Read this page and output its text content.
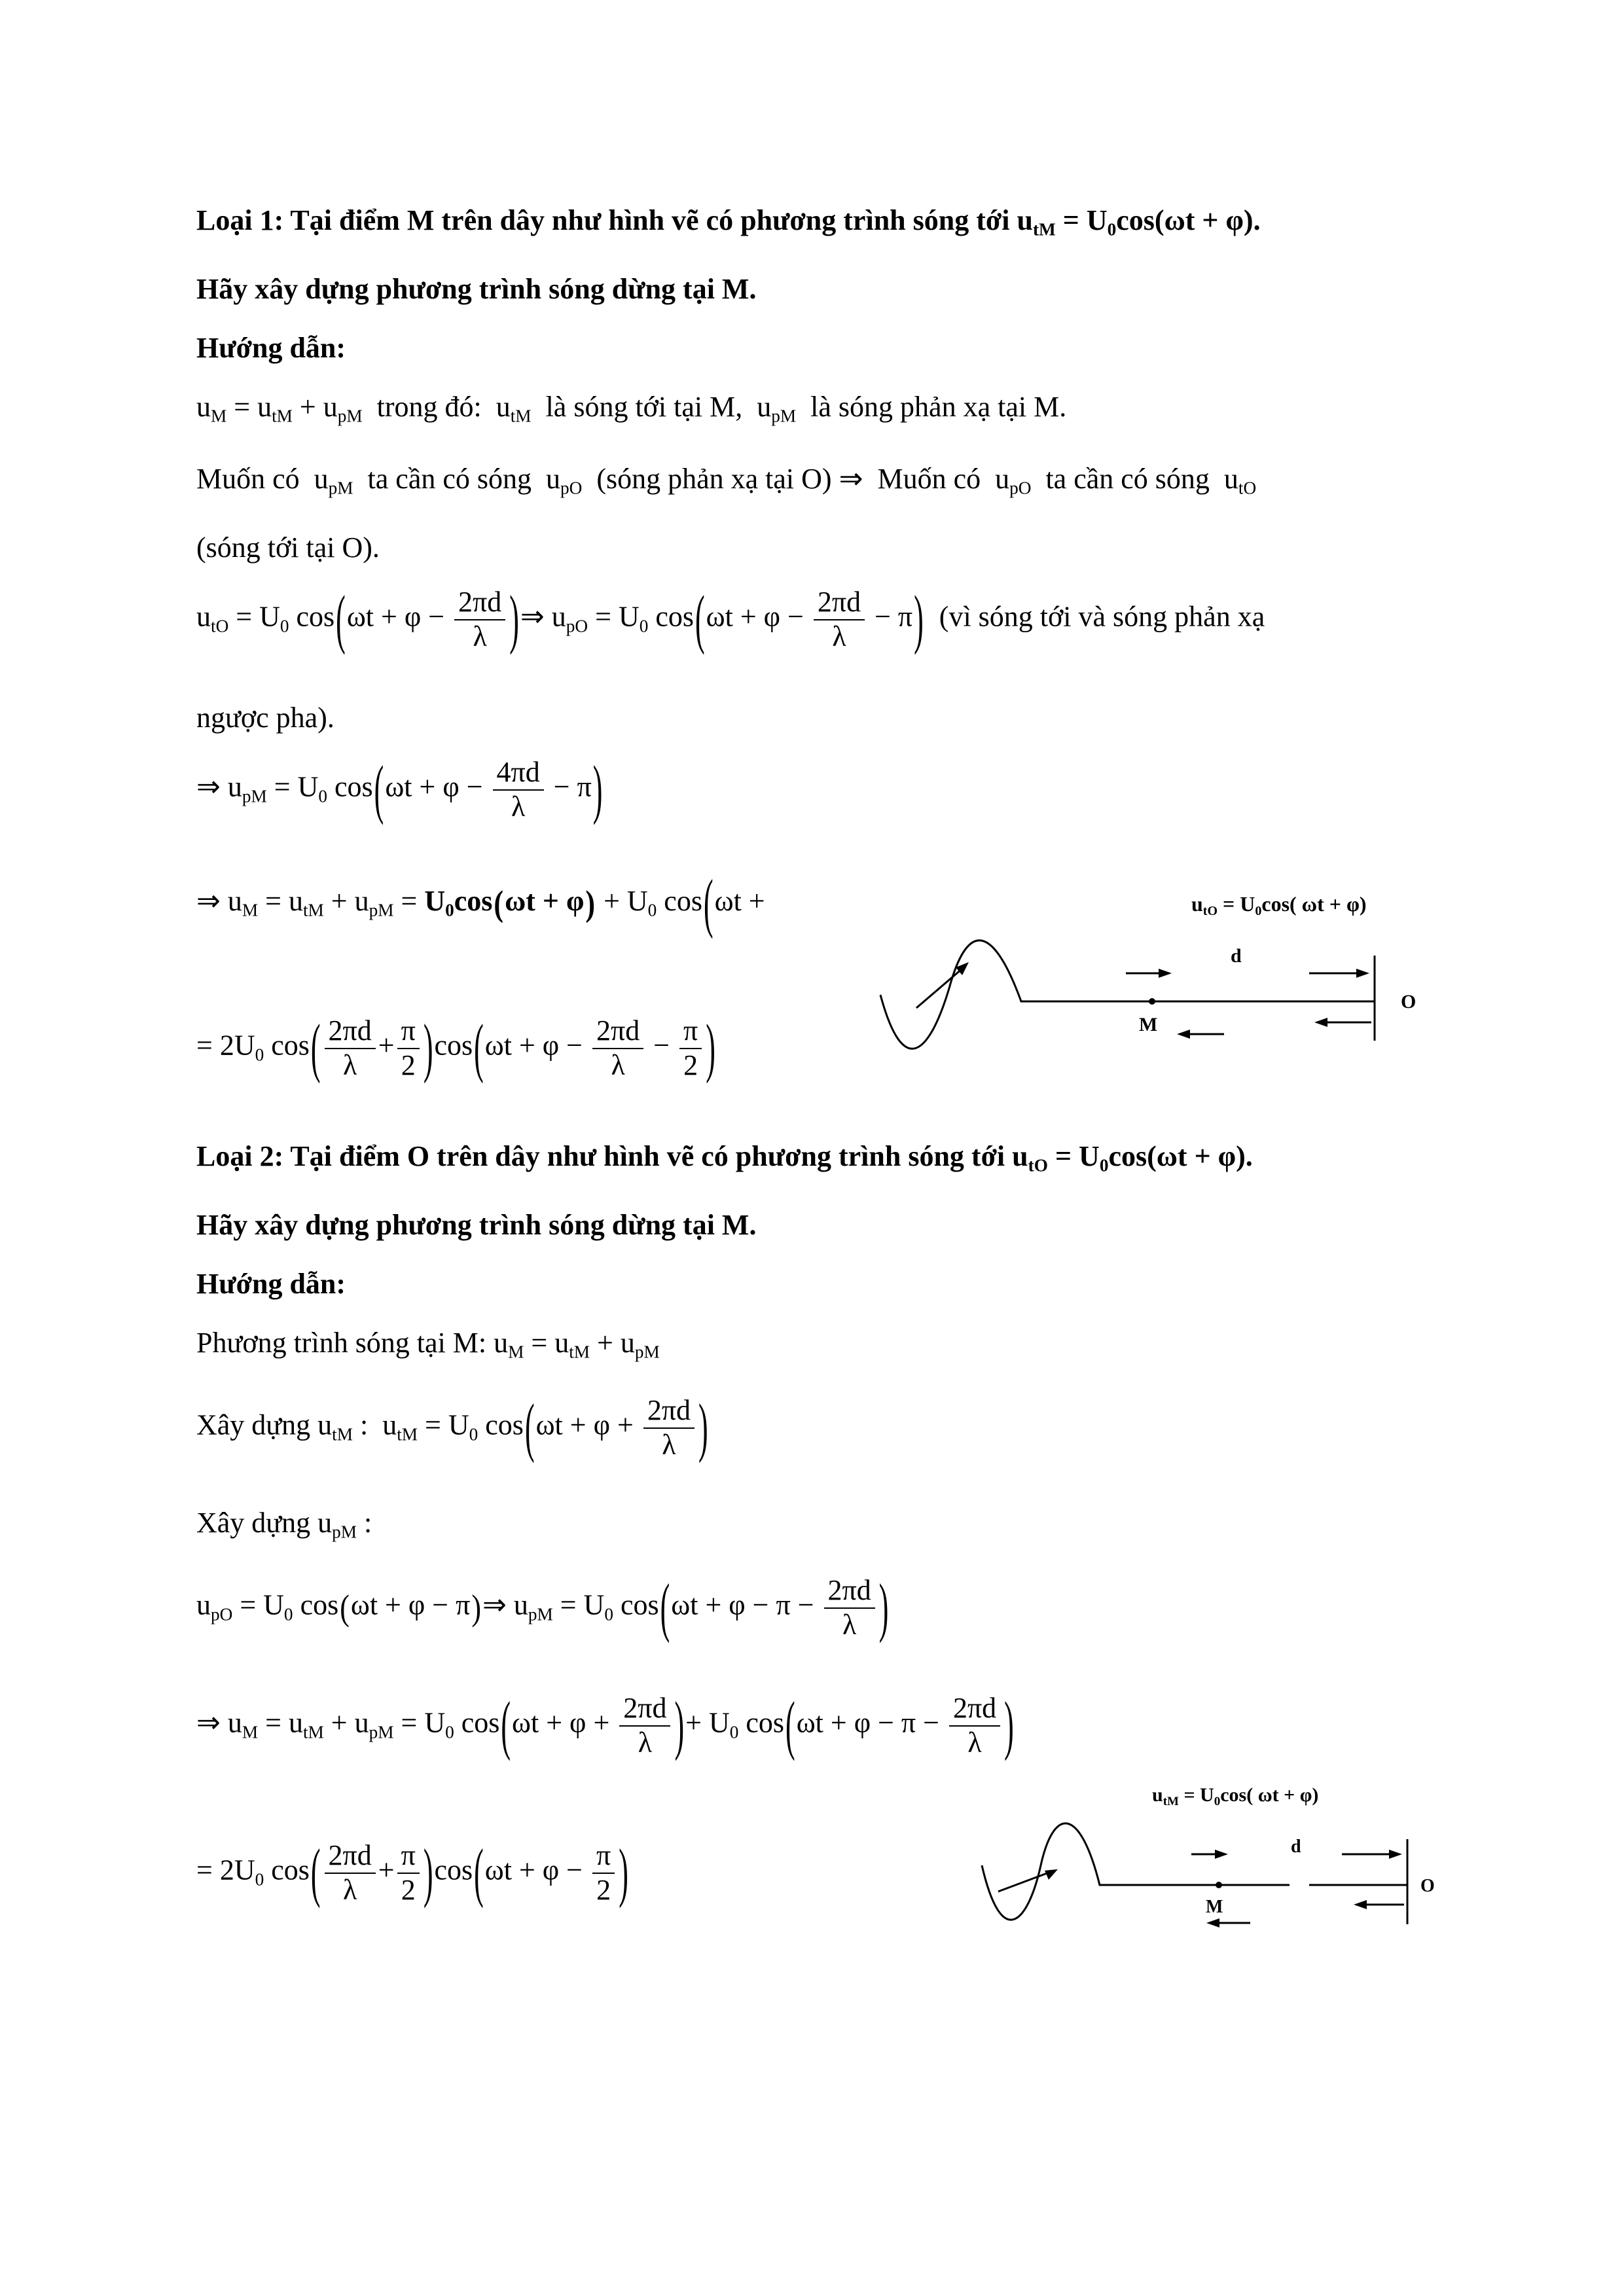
Loại 1: Tại điểm M trên dây như hình vẽ có phương trình sóng tới $u_{tM} = U_0\cos(\omega t + \varphi)$.
Hãy xây dựng phương trình sóng dừng tại M.
Hướng dẫn:
$u_M = u_{tM} + u_{pM}$  trong đó:  $u_{tM}$  là sóng tới tại M,  $u_{pM}$  là sóng phản xạ tại M.
Muốn có  $u_{pM}$  ta cần có sóng  $u_{pO}$  (sóng phản xạ tại O) ⇒  Muốn có  $u_{pO}$  ta cần có sóng  $u_{tO}$
(sóng tới tại O).
$u_{tO} = U_0$ $\cos(\omega t + \varphi - \frac{2\pi d}{\lambda}$ )⇒ $u_{pO} = U_0$ $\cos(\omega t + \varphi - \frac{2\pi d}{\lambda} - \pi)$ (vì sóng tới và sóng phản xạ
ngược pha).
⇒ $u_{pM} = U_0$ $\cos(\omega t + \varphi - \frac{4\pi d}{\lambda} - \pi)$
⇒ $u_M = u_{tM} + u_{pM} = U_0\cos(\omega t + \varphi) + U_0$ cos(ωt +
= $2U_0$ $\cos( \frac{2\pi d}{\lambda} + \frac{\pi}{2} )\cos(\omega t + \varphi - \frac{2\pi d}{\lambda} - \frac{\pi}{2}$ )
utO = U0cos( ωt + φ)
d
M
O
Loại 2: Tại điểm O trên dây như hình vẽ có phương trình sóng tới $u_{tO} = U_0\cos(\omega t + \varphi)$.
Hãy xây dựng phương trình sóng dừng tại M.
Hướng dẫn:
Phương trình sóng tại M: $u_M = u_{tM} + u_{pM}$
Xây dựng $u_{tM}$ :  $u_{tM} = U_0$ $\cos(\omega t + \varphi + \frac{2\pi d}{\lambda}$ )
Xây dựng $u_{pM}$ :
$u_{pO} = U_0$ cos(ωt + φ − π)⇒ $u_{pM} = U_0$ $\cos(\omega t + \varphi - \pi - \frac{2\pi d}{\lambda}$ )
⇒ $u_M = u_{tM} + u_{pM} = U_0$ $\cos(\omega t + \varphi + \frac{2\pi d}{\lambda}$ )+ $U_0$ $\cos(\omega t + \varphi - \pi - \frac{2\pi d}{\lambda}$ )
= $2U_0$ $\cos( \frac{2\pi d}{\lambda} + \frac{\pi}{2} )\cos(\omega t + \varphi - \frac{\pi}{2}$ )
$u_{tM} = U_0\cos$( ωt + φ)
d
M
O
